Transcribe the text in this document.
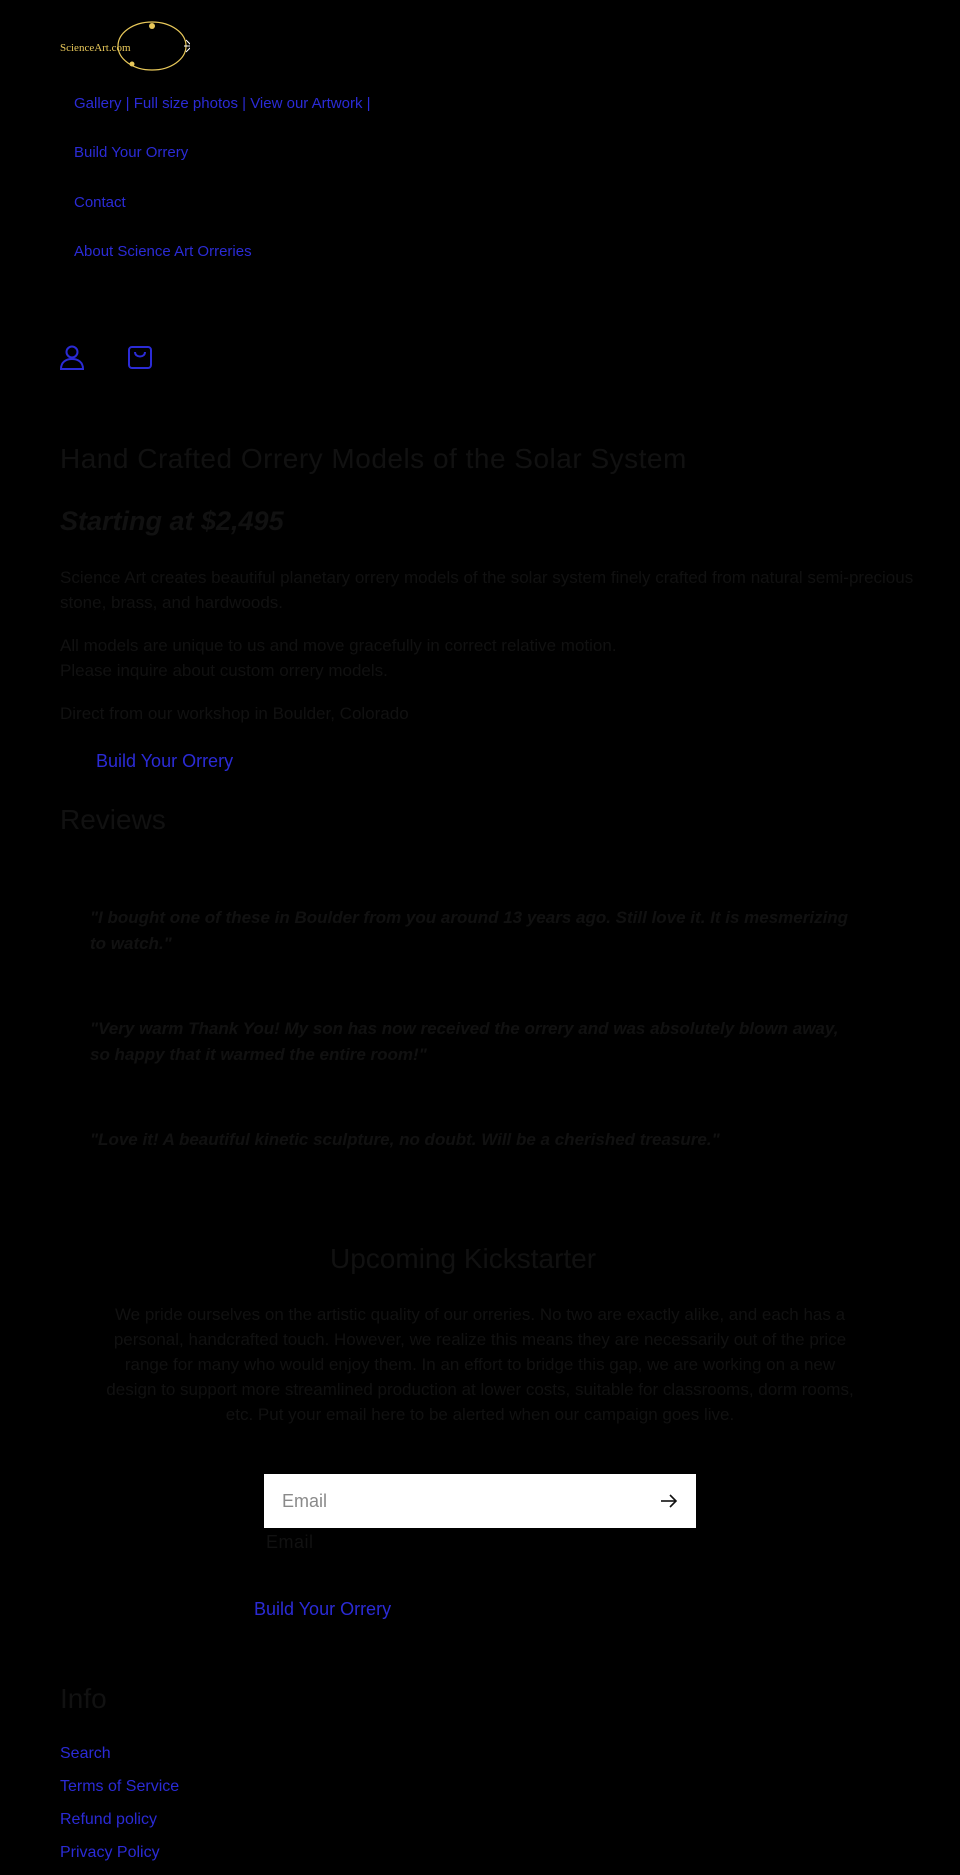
ScienceArt.com
Gallery | Full size photos | View our Artwork |
Build Your Orrery
Contact
About Science Art Orreries
Hand Crafted Orrery Models of the Solar System
Starting at $2,495
Science Art creates beautiful planetary orrery models of the solar system finely crafted from natural semi-precious stone, brass, and hardwoods.
All models are unique to us and move gracefully in correct relative motion.
Please inquire about custom orrery models.
Direct from our workshop in Boulder, Colorado
Build Your Orrery
Reviews
"I bought one of these in Boulder from you around 13 years ago. Still love it. It is mesmerizing to watch."
"Very warm Thank You! My son has now received the orrery and was absolutely blown away, so happy that it warmed the entire room!"
"Love it! A beautiful kinetic sculpture, no doubt. Will be a cherished treasure."
Upcoming Kickstarter
We pride ourselves on the artistic quality of our orreries. No two are exactly alike, and each has a personal, handcrafted touch. However, we realize this means they are necessarily out of the price range for many who would enjoy them. In an effort to bridge this gap, we are working on a new design to support more streamlined production at lower costs, suitable for classrooms, dorm rooms, etc. Put your email here to be alerted when our campaign goes live.
Email
Email
Build Your Orrery
Info
Search
Terms of Service
Refund policy
Privacy Policy
